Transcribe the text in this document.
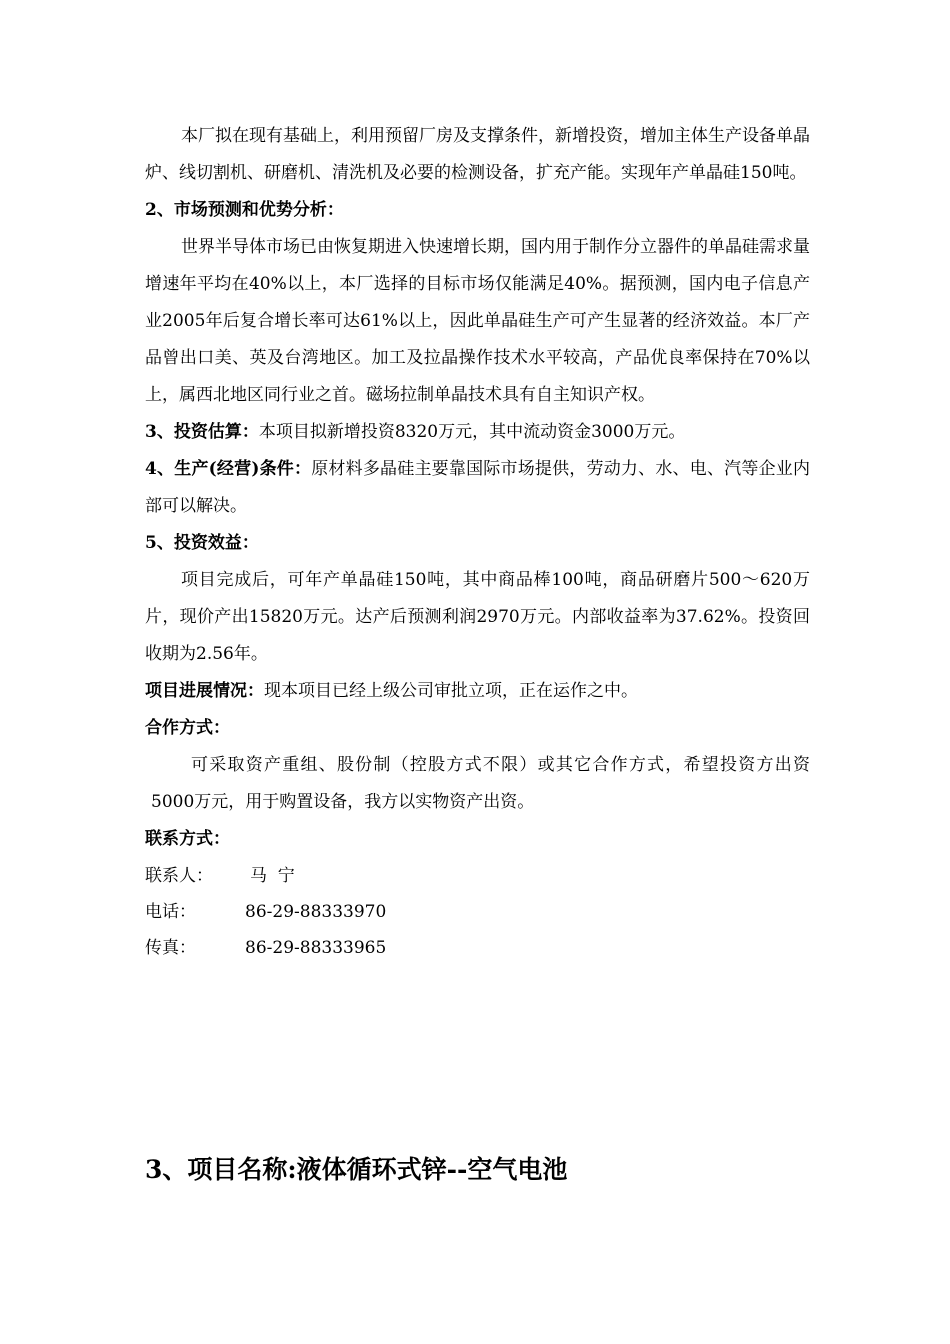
本厂拟在现有基础上，利用预留厂房及支撑条件，新增投资，增加主体生产设备单晶炉、线切割机、研磨机、清洗机及必要的检测设备，扩充产能。实现年产单晶硅150吨。

2、市场预测和优势分析：

世界半导体市场已由恢复期进入快速增长期，国内用于制作分立器件的单晶硅需求量增速年平均在40%以上，本厂选择的目标市场仅能满足40%。据预测，国内电子信息产业2005年后复合增长率可达61%以上，因此单晶硅生产可产生显著的经济效益。本厂产品曾出口美、英及台湾地区。加工及拉晶操作技术水平较高，产品优良率保持在70%以上，属西北地区同行业之首。磁场拉制单晶技术具有自主知识产权。

3、投资估算：本项目拟新增投资8320万元，其中流动资金3000万元。

4、生产(经营)条件：原材料多晶硅主要靠国际市场提供，劳动力、水、电、汽等企业内部可以解决。

5、投资效益：

项目完成后，可年产单晶硅150吨，其中商品棒100吨，商品研磨片500～620万片，现价产出15820万元。达产后预测利润2970万元。内部收益率为37.62%。投资回收期为2.56年。

项目进展情况：现本项目已经上级公司审批立项，正在运作之中。

合作方式：

可采取资产重组、股份制（控股方式不限）或其它合作方式，希望投资方出资5000万元，用于购置设备，我方以实物资产出资。

联系方式：

联系人：	马  宁
电话：	86-29-88333970
传真：	86-29-88333965
3、项目名称:液体循环式锌--空气电池
